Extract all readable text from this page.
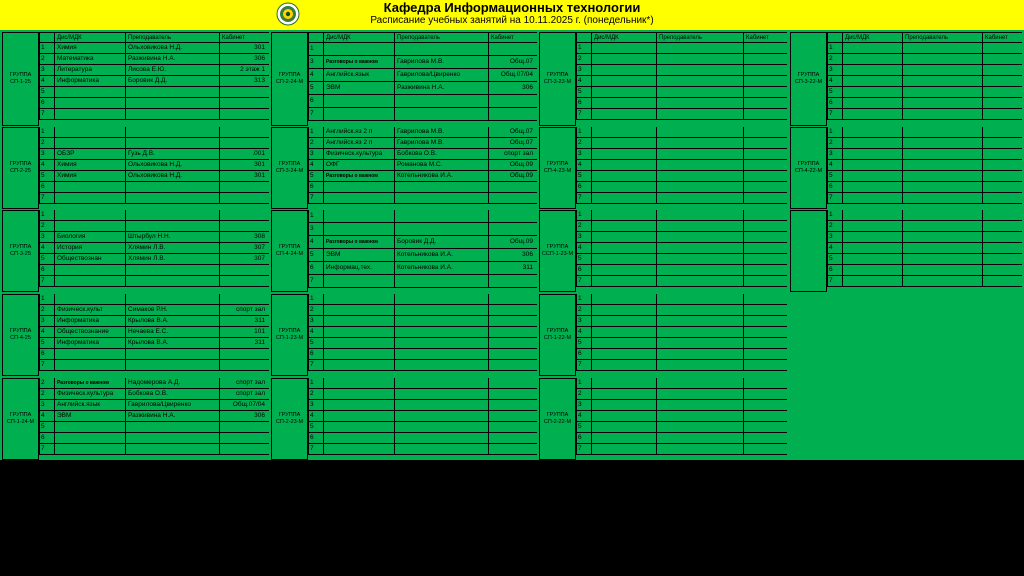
Кафедра Информационных технологии
Расписание учебных занятий на 10.11.2025 г. (понедельник*)
ГРУППА СП-1-25
Дис/МДК	Преподаватель	Кабинет
1	Химия	Ольховикова Н.Д.	301
2	Математика	Разживина Н.А.	306
3	Литература	Лисова Е.Ю.	2 этаж 1
4	Информатика	Боровик Д.Д.	313
5
6
7
ГРУППА СП-2-24-М
Дис/МДК	Преподаватель	Кабинет
1
3	Разговоры о важном	Гаврилова М.В.	Общ.07
4	Английск.язык	Гаврилова/Цвиренко	Общ.07/04
5	ЭВМ	Разживина Н.А.	306
6
7
ГРУППА СП-3-23-М
Дис/МДК	Преподаватель	Кабинет
1
2
3
4
5
6
7
ГРУППА СП-3-22-М
Дис/МДК	Преподаватель	Кабинет
1
2
3
4
5
6
7
ГРУППА СП-2-25
1
2
3	ОБЗР	Гузь Д.В.	.001
4	Химия	Ольховикова Н.Д.	301
5	Химия	Ольховикова Н.Д.	301
6
7
ГРУППА СП-3-24-М
1	Английск.яз 2 п	Гаврилова М.В.	Общ.07
2	Английск.яз 2 п	Гаврилова М.В.	Общ.07
3	Физическ.культура	Бобкова О.В.	спорт зал
4	ОФГ	Романова М.С.	Общ.09
5	Разговоры о важном	Котельникова И.А.	Общ.09
6
7
ГРУППА СП-4-23-М
1
2
3
4
5
6
7
ГРУППА СП-4-22-М
1
2
3
4
5
6
7
ГРУППА СП-3-25
1
2
3	Биология	Штырбул Н.Н.	308
4	История	Хлямин Л.В.	307
5	Обществознан	Хлямин Л.В.	307
6
7
ГРУППА СП-4-24-М
1
3
4	Разговоры о важном	Боровик Д.Д.	Общ.09
5	ЭВМ	Котельникова И.А.	306
6	Информац.тех.	Котельникова И.А.	311
7
ГРУППА ССП-1-23-М
1
2
3
4
5
6
7
1
2
3
4
5
6
7
ГРУППА СП-4-25
1
2	Физическ.культ	Симаков Р.Н.	спорт зал
3	Информатика	Крылова В.А.	311
4	Обществознание	Нечаева Е.С.	101
5	Информатика	Крылова В.А.	311
6
7
ГРУППА СП-1-23-М
1
2
3
4
5
6
7
ГРУППА СП-1-22-М
1
2
3
4
5
6
7
ГРУППА СП-1-24-М
2	Разговоры о важном	Надомерова А.Д.	спорт зал
2	Физическ.культура	Бобкова О.В.	спорт зал
3	Английск.язык	Гаврилова/Цвиренко	Общ.07/04
4	ЭВМ	Разживина Н.А.	306
5
6
7
ГРУППА СП-2-23-М
1
2
3
4
5
6
7
ГРУППА СП-2-22-М
1
2
3
4
5
6
7
